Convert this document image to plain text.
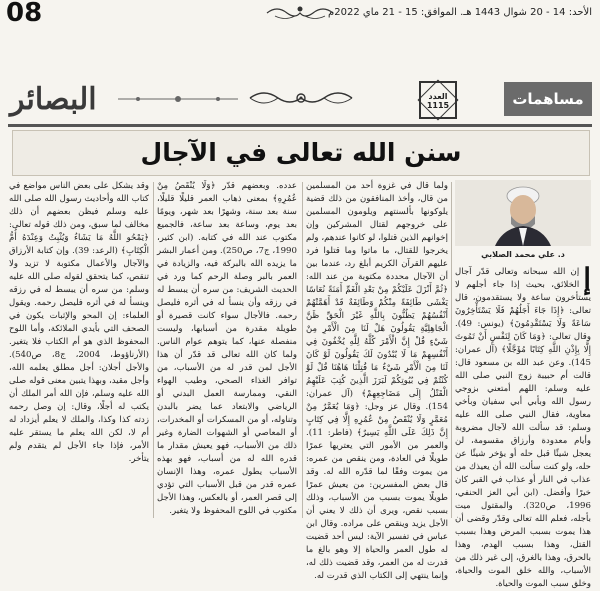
08	الأحد: 14 - 20 شوال 1443 هـ. الموافق: 15 - 21 ماي 2022م
البصائر	العدد
1115	مساهمات
سنن الله تعالى في الآجال
د. علي محمد الصلابي
إ

إن الله سبحانه وتعالى قدّر آجال الخلائق، بحيث إذا جاء أجلهم لا يستأخرون ساعة ولا يستقدمون، قال تعالى: ﴿إِذَا جَاءَ أَجَلُهُمْ فَلَا يَسْتَأْخِرُونَ سَاعَةً وَلَا يَسْتَقْدِمُونَ﴾ (يونس: 49). وقال تعالى: ﴿وَمَا كَانَ لِنَفْسٍ أَنْ تَمُوتَ إِلَّا بِإِذْنِ اللَّهِ كِتَابًا مُؤَجَّلًا﴾ (آل عمران: 145). وعن عبد الله بن مسعود قال: قالت أم حبيبة زوج النبي صلى الله عليه وسلم: اللهم أمتعني بزوجي رسول الله وبأبي أبي سفيان وبأخي معاوية، فقال النبي صلى الله عليه وسلم: قد سألت الله لآجال مضروبة وأيام معدودة وأرزاق مقسومة، لن يعجل شيئًا قبل حله أو يؤخر شيئًا عن حله، ولو كنت سألت الله أن يعيذك من عذاب في النار أو عذاب في القبر كان خيرًا وأفضل. (ابن أبي العز الحنفي، 1996، ص320). والمقتول ميت بأجله، فعلم الله تعالى وقدّر وقضى أن هذا يموت بسبب المرض وهذا بسبب القتل، وهذا بسبب الهدم، وهذا بالحرق، وهذا بالغرق، إلى غير ذلك من الأسباب، والله خلق الموت والحياة، وخلق سبب الموت والحياة.

ولما قال في غزوة أحد من المسلمين من قال، وأخذ المنافقون من ذلك قضية يلوكونها بألسنتهم ويلومون المسلمين على خروجهم لقتال المشركين وإن إخوانهم الذين قتلوا، لو كانوا عندهم، ولم يخرجوا للقتال، ما ماتوا وما قتلوا فرد عليهم القرآن الكريم أبلغ رد، عندما بين أن الآجال محددة مكتوبة من عند الله: ﴿ثُمَّ أَنْزَلَ عَلَيْكُمْ مِنْ بَعْدِ الْغَمِّ أَمَنَةً نُعَاسًا يَغْشَى طَائِفَةً مِنْكُمْ وَطَائِفَةٌ قَدْ أَهَمَّتْهُمْ أَنْفُسُهُمْ يَظُنُّونَ بِاللَّهِ غَيْرَ الْحَقِّ ظَنَّ الْجَاهِلِيَّةِ يَقُولُونَ هَلْ لَنَا مِنَ الْأَمْرِ مِنْ شَيْءٍ قُلْ إِنَّ الْأَمْرَ كُلَّهُ لِلَّهِ يُخْفُونَ فِي أَنْفُسِهِمْ مَا لَا يُبْدُونَ لَكَ يَقُولُونَ لَوْ كَانَ لَنَا مِنَ الْأَمْرِ شَيْءٌ مَا قُتِلْنَا هَاهُنَا قُلْ لَوْ كُنْتُمْ فِي بُيُوتِكُمْ لَبَرَزَ الَّذِينَ كُتِبَ عَلَيْهِمُ الْقَتْلُ إِلَى مَضَاجِعِهِمْ﴾ (آل عمران: 154). وقال عز وجل: ﴿وَمَا يُعَمَّرُ مِنْ مُعَمَّرٍ وَلَا يُنْقَصُ مِنْ عُمُرِهِ إِلَّا فِي كِتَابٍ إِنَّ ذَلِكَ عَلَى اللَّهِ يَسِيرٌ﴾ (فاطر: 11). والعمر من الأمور التي يعتريها عمرًا طويلًا في العادة، ومن ينقص من عمره: من يموت وفقًا لما قدّره الله له. وقد قال بعض المفسرين: من يعيش عمرًا طويلًا يموت بسبب من الأسباب، وذلك بسبب نقص، ويرى أن ذلك لا يعني أن الأجل يزيد وينقص على مراده. وقال ابن عباس في تفسير الآية: ليس أحد قضيت له طول العمر والحياة إلا وهو بالغ ما قدرت له من العمر، وقد قضيت ذلك له، وإنما ينتهي إلى الكتاب الذي قدرت له.

عدده. وبعضهم قدّر ﴿وَلَا يُنْقَصُ مِنْ عُمُرِهِ﴾ بمعنى ذهاب العمر قليلًا قليلًا، سنة بعد سنة، وشهرًا بعد شهر، ويومًا بعد يوم، وساعة بعد ساعة، فالجميع مكتوب عند الله في كتابه. (ابن كثير، 1990، ج7، ص250). ومن أعمار البشر ما يزيده الله بالبركة فيه، والزيادة في العمر بالبر وصلة الرحم كما ورد في الحديث الشريف: من سره أن يبسط له في رزقه وأن ينسأ له في أثره فليصل رحمه. فالأجال سواء كانت قصيرة أو طويلة مقدرة من أسبابها، وليست منفصلة عنها، كما يتوهم عوام الناس. ولما كان الله تعالى قد قدّر أن هذا الأجل لمن قدر له من الأسباب، من توافر الغذاء الصحي، وطيب الهواء النقي، وممارسة العمل البدني أو الرياضي والابتعاد عما يضر بالبدن وتناوله، أو من المسكرات أو المخدرات، أو المعاصي أو الشهوات الضارة وغير ذلك من الأسباب، فهو يعيش مقدار ما قدره الله له من أسباب، فهو بهذه الأسباب يطول عمره، وهذا الإنسان عمره قدر من قبل الأسباب التي تؤدي إلى قصر العمر، أو بالعكس، وهذا الأجل مكتوب في اللوح المحفوظ ولا يتغير.

وقد يشكل على بعض الناس مواضع في كتاب الله وأحاديث رسول الله صلى الله عليه وسلم فيظن بعضهم أن ذلك مخالف لما سبق، ومن ذلك قوله تعالى: ﴿يَمْحُو اللَّهُ مَا يَشَاءُ وَيُثْبِتُ وَعِنْدَهُ أُمُّ الْكِتَابِ﴾ (الرعد: 39). وإن كتابة الأرزاق والآجال والأعمال مكتوبة لا تزيد ولا تنقص، كما يتحقق لقوله صلى الله عليه وسلم: من سره أن يبسط له في رزقه وينسأ له في أثره فليصل رحمه. ويقول العلماء: إن المحو والإثبات يكون في الصحف التي بأيدي الملائكة، وأما اللوح المحفوظ الذي هو أم الكتاب فلا يتغير. (الأرناؤوط، 2004، ج8، ص540). والأجل أجلان: أجل مطلق يعلمه الله، وأجل مقيد، وبهذا يتبين معنى قوله صلى الله عليه وسلم، فإن الله أمر الملك أن يكتب له أجلًا، وقال: إن وصل رحمه زدته كذا وكذا، والملك لا يعلم أيزداد له أم لا، لكن الله يعلم ما يستقر عليه الأمر، فإذا جاء الأجل لم يتقدم ولم يتأخر.
